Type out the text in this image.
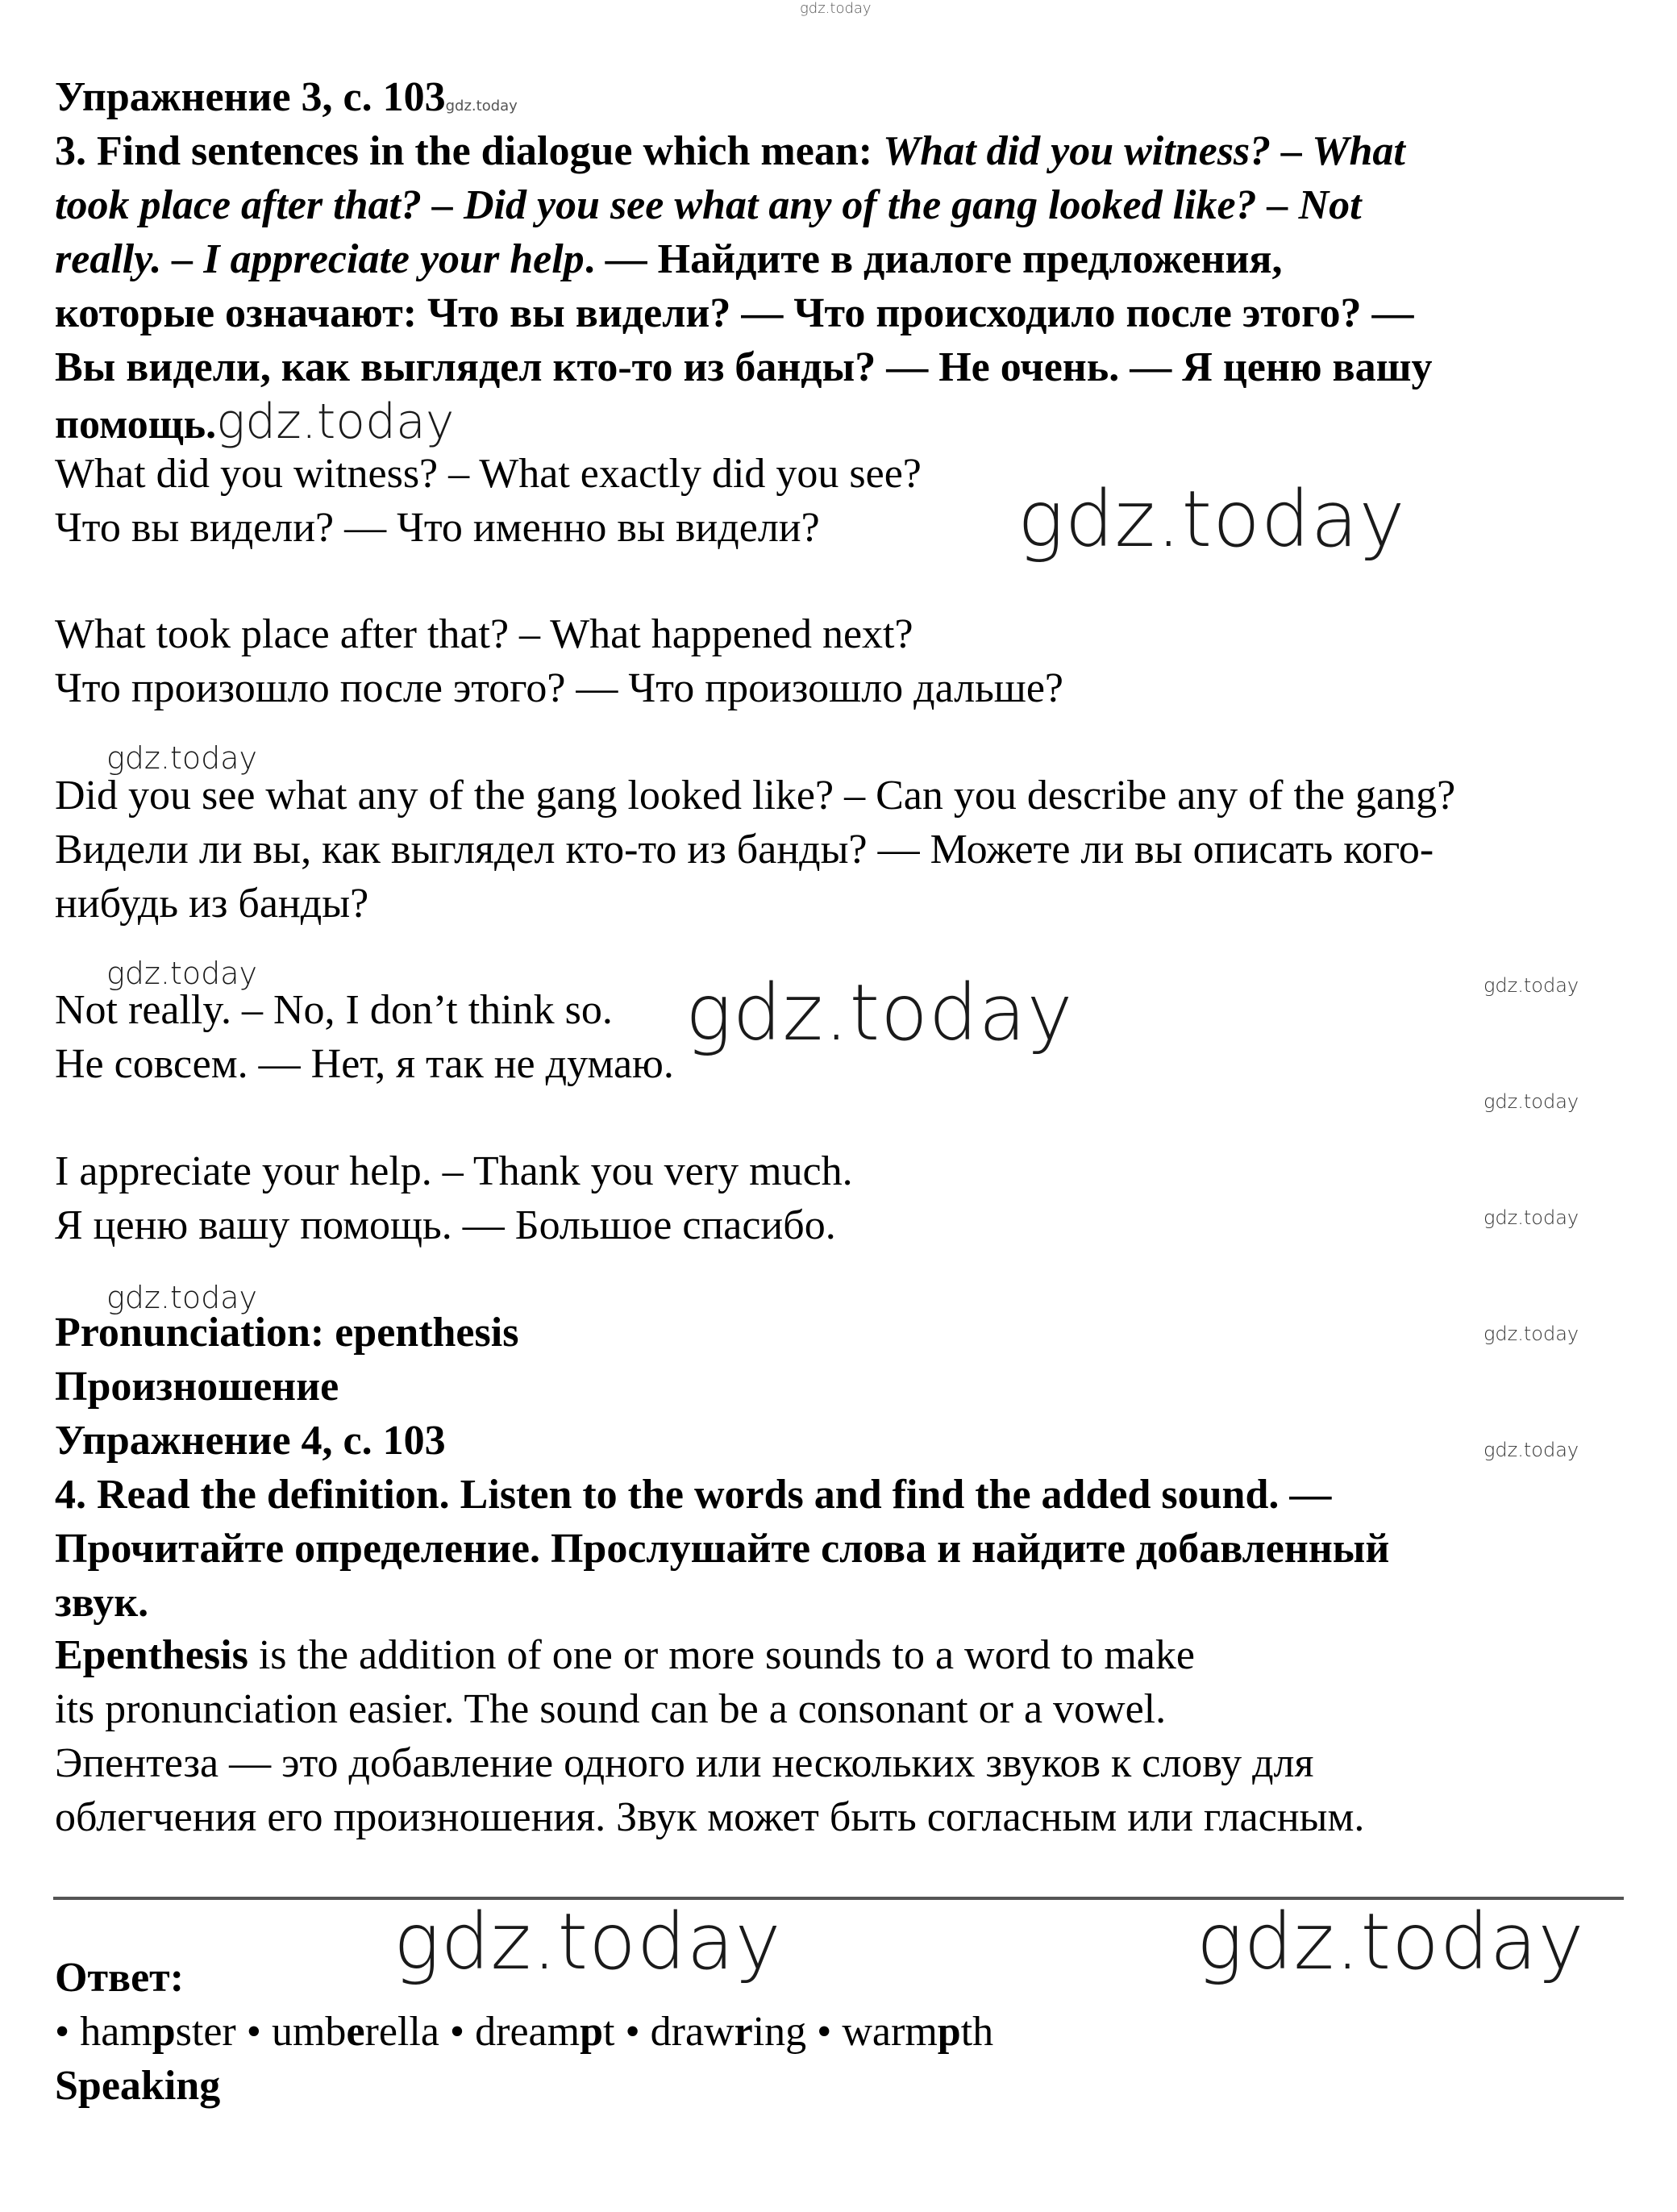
gdz.today
Упражнение 3, с. 103gdz.today
3. Find sentences in the dialogue which mean: What did you witness? – What
took place after that? – Did you see what any of the gang looked like? – Not
really. – I appreciate your help. — Найдите в диалоге предложения,
которые означают: Что вы видели? — Что происходило после этого? —
Вы видели, как выглядел кто-то из банды? — Не очень. — Я ценю вашу
помощь.gdz.today
What did you witness? – What exactly did you see?
Что вы видели? — Что именно вы видели?
What took place after that? – What happened next?
Что произошло после этого? — Что произошло дальше?
Did you see what any of the gang looked like? – Can you describe any of the gang?
Видели ли вы, как выглядел кто-то из банды? — Можете ли вы описать кого-
нибудь из банды?
Not really. – No, I don’t think so.
Не совсем. — Нет, я так не думаю.
I appreciate your help. – Thank you very much.
Я ценю вашу помощь. — Большое спасибо.
Pronunciation: epenthesis
Произношение
Упражнение 4, с. 103
4. Read the definition. Listen to the words and find the added sound. —
Прочитайте определение. Прослушайте слова и найдите добавленный
звук.
Epenthesis is the addition of one or more sounds to a word to make
its pronunciation easier. The sound can be a consonant or a vowel.
Эпентеза — это добавление одного или нескольких звуков к слову для
облегчения его произношения. Звук может быть согласным или гласным.
Ответ:
• hampster • umberella • dreampt • drawring • warmpth
Speaking
gdz.today
gdz.today
gdz.today	gdz.today
gdz.today
gdz.today
gdz.today
gdz.today
gdz.today
gdz.today
gdz.today	gdz.today
